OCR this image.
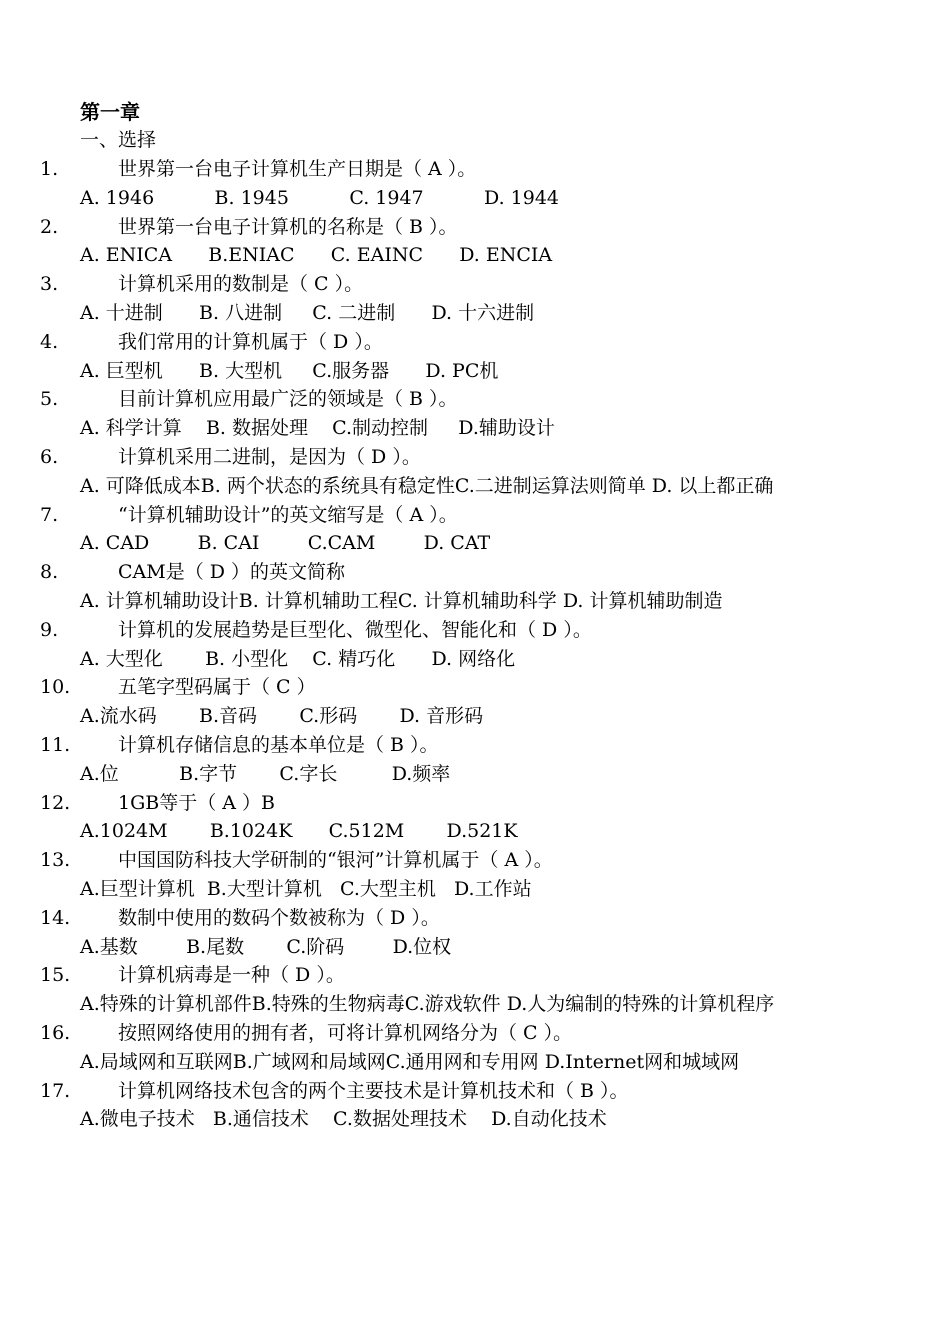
第一章
一、选择
1.	世界第一台电子计算机生产日期是（ A ）。
A. 1946          B. 1945          C. 1947          D. 1944
2.	世界第一台电子计算机的名称是（ B ）。
A. ENICA      B.ENIAC      C. EAINC      D. ENCIA
3.	计算机采用的数制是（ C ）。
A. 十进制      B. 八进制     C. 二进制      D. 十六进制
4.	我们常用的计算机属于（ D ）。
A. 巨型机      B. 大型机     C.服务器      D. PC机
5.	目前计算机应用最广泛的领域是（ B ）。
A. 科学计算    B. 数据处理    C.制动控制     D.辅助设计
6.	计算机采用二进制，是因为（ D ）。
A. 可降低成本B. 两个状态的系统具有稳定性C.二进制运算法则简单 D. 以上都正确
7.	“计算机辅助设计”的英文缩写是（ A ）。
A. CAD        B. CAI        C.CAM        D. CAT
8.	CAM是（ D ）的英文简称
A. 计算机辅助设计B. 计算机辅助工程C. 计算机辅助科学 D. 计算机辅助制造
9.	计算机的发展趋势是巨型化、微型化、智能化和（ D ）。
A. 大型化       B. 小型化    C. 精巧化      D. 网络化
10.	五笔字型码属于（ C ）
A.流水码       B.音码       C.形码       D. 音形码
11.	计算机存储信息的基本单位是（ B ）。
A.位          B.字节       C.字长         D.频率
12.	1GB等于（ A ）B
A.1024M       B.1024K      C.512M       D.521K
13.	中国国防科技大学研制的“银河”计算机属于（ A ）。
A.巨型计算机  B.大型计算机   C.大型主机   D.工作站
14.	数制中使用的数码个数被称为（ D ）。
A.基数        B.尾数       C.阶码        D.位权
15.	计算机病毒是一种（ D ）。
A.特殊的计算机部件B.特殊的生物病毒C.游戏软件 D.人为编制的特殊的计算机程序
16.	按照网络使用的拥有者，可将计算机网络分为（ C ）。
A.局域网和互联网B.广域网和局域网C.通用网和专用网 D.Internet网和城域网
17.	计算机网络技术包含的两个主要技术是计算机技术和（ B ）。
A.微电子技术   B.通信技术    C.数据处理技术    D.自动化技术
